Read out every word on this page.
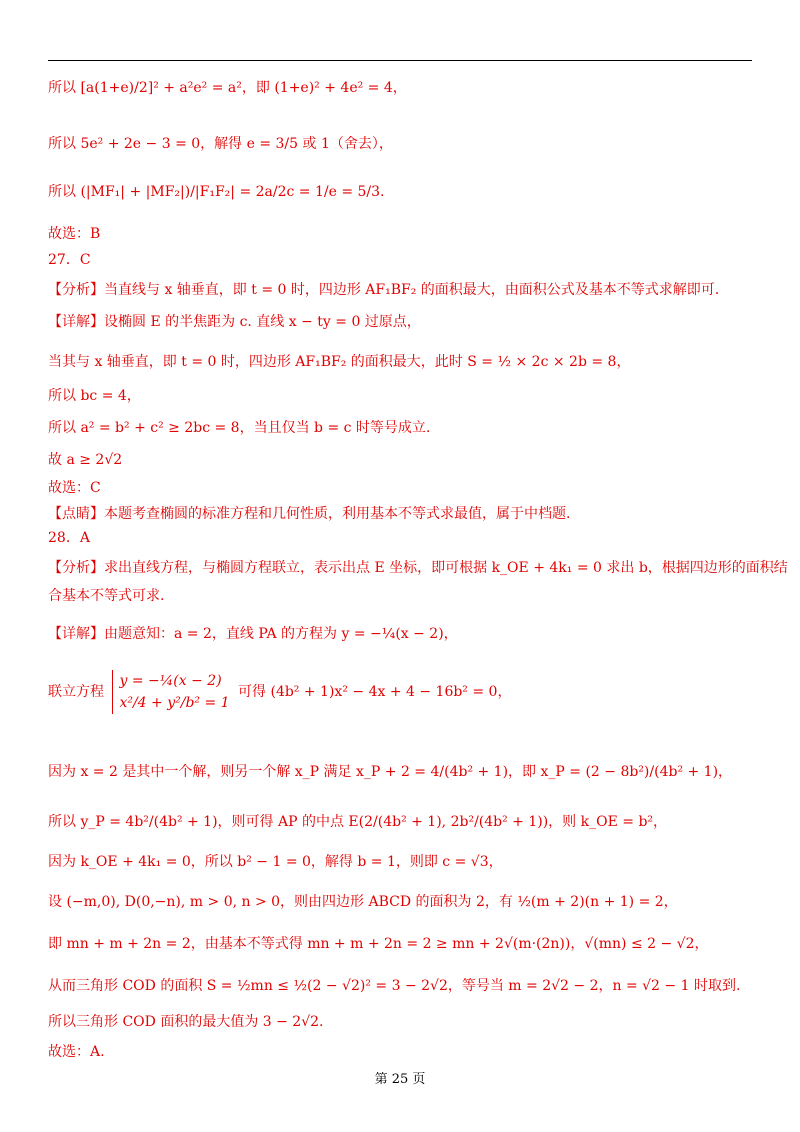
所以 [a(1+e)/2]² + a²e² = a²，即 (1+e)² + 4e² = 4，
所以 5e² + 2e − 3 = 0，解得 e = 3/5 或 1（舍去），
所以 (|MF₁| + |MF₂|)/|F₁F₂| = 2a/2c = 1/e = 5/3.
故选：B
27．C
【分析】当直线与 x 轴垂直，即 t = 0 时，四边形 AF₁BF₂ 的面积最大，由面积公式及基本不等式求解即可.
【详解】设椭圆 E 的半焦距为 c. 直线 x − ty = 0 过原点，
当其与 x 轴垂直，即 t = 0 时，四边形 AF₁BF₂ 的面积最大，此时 S = ½ × 2c × 2b = 8，
所以 bc = 4，
所以 a² = b² + c² ≥ 2bc = 8，当且仅当 b = c 时等号成立.
故 a ≥ 2√2
故选：C
【点睛】本题考查椭圆的标准方程和几何性质，利用基本不等式求最值，属于中档题.
28．A
【分析】求出直线方程，与椭圆方程联立，表示出点 E 坐标，即可根据 k_OE + 4k₁ = 0 求出 b，根据四边形的面积结
合基本不等式可求.
【详解】由题意知：a = 2，直线 PA 的方程为 y = −¼(x − 2)，
联立方程
y = −¼(x − 2)
x²/4 + y²/b² = 1
可得 (4b² + 1)x² − 4x + 4 − 16b² = 0，
因为 x = 2 是其中一个解，则另一个解 x_P 满足 x_P + 2 = 4/(4b² + 1)，即 x_P = (2 − 8b²)/(4b² + 1)，
所以 y_P = 4b²/(4b² + 1)，则可得 AP 的中点 E(2/(4b² + 1), 2b²/(4b² + 1))，则 k_OE = b²，
因为 k_OE + 4k₁ = 0，所以 b² − 1 = 0，解得 b = 1，则即 c = √3，
设 (−m,0), D(0,−n), m > 0, n > 0，则由四边形 ABCD 的面积为 2，有 ½(m + 2)(n + 1) = 2，
即 mn + m + 2n = 2，由基本不等式得 mn + m + 2n = 2 ≥ mn + 2√(m·(2n))，√(mn) ≤ 2 − √2，
从而三角形 COD 的面积 S = ½mn ≤ ½(2 − √2)² = 3 − 2√2，等号当 m = 2√2 − 2，n = √2 − 1 时取到.
所以三角形 COD 面积的最大值为 3 − 2√2.
故选：A.
第 25 页
